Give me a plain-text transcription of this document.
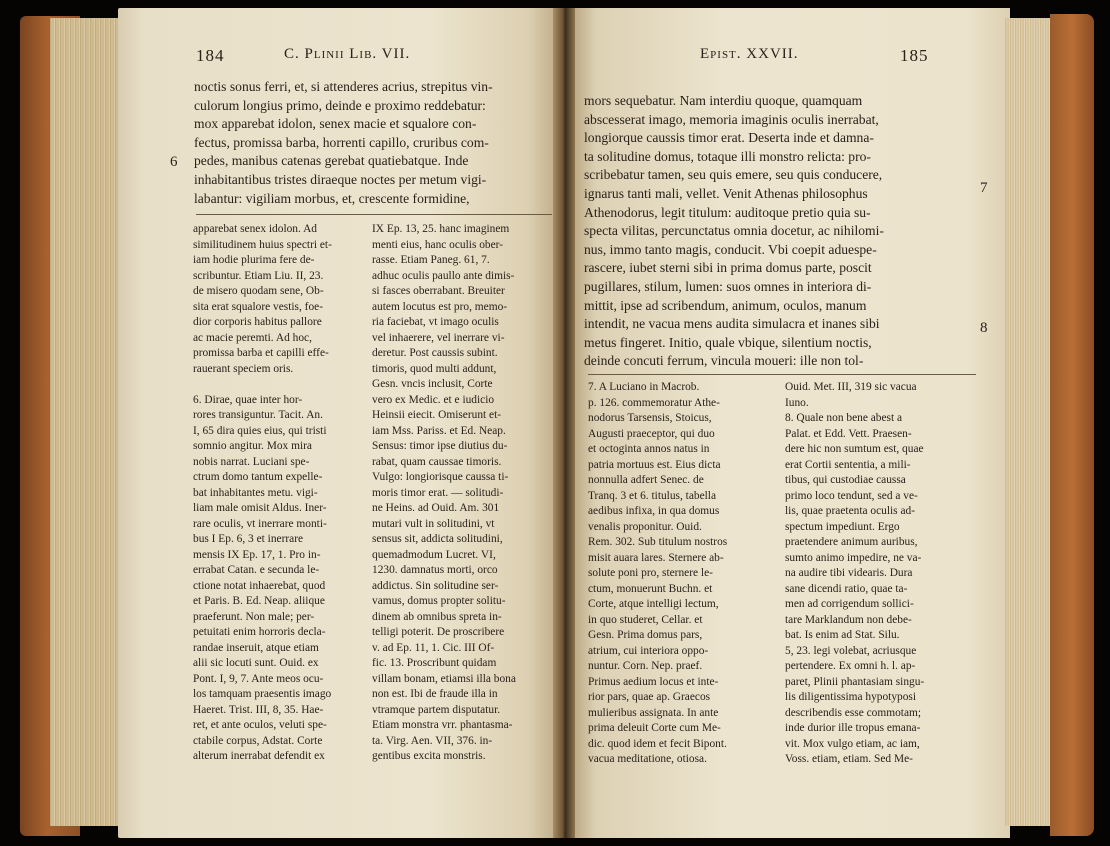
184	C. Plinii Lib. VII.
noctis sonus ferri, et, si attenderes acrius, strepitus vin-
culorum longius primo, deinde e proximo reddebatur:
mox apparebat idolon, senex macie et squalore con-
fectus, promissa barba, horrenti capillo, cruribus com-
pedes, manibus catenas gerebat quatiebatque. Inde
inhabitantibus tristes diraeque noctes per metum vigi-
labantur: vigiliam morbus, et, crescente formidine,
6
apparebat senex idolon. Ad
similitudinem huius spectri et-
iam hodie plurima fere de-
scribuntur. Etiam Liu. II, 23.
de misero quodam sene, Ob-
sita erat squalore vestis, foe-
dior corporis habitus pallore
ac macie peremti. Ad hoc,
promissa barba et capilli effe-
rauerant speciem oris.

6. Dirae, quae inter hor-
rores transiguntur. Tacit. An.
I, 65 dira quies eius, qui tristi
somnio angitur. Mox mira
nobis narrat. Luciani spe-
ctrum domo tantum expelle-
bat inhabitantes metu. vigi-
liam male omisit Aldus. Iner-
rare oculis, vt inerrare monti-
bus I Ep. 6, 3 et inerrare
mensis IX Ep. 17, 1. Pro in-
errabat Catan. e secunda le-
ctione notat inhaerebat, quod
et Paris. B. Ed. Neap. aliique
praeferunt. Non male; per-
petuitati enim horroris decla-
randae inseruit, atque etiam
alii sic locuti sunt. Ouid. ex
Pont. I, 9, 7. Ante meos ocu-
los tamquam praesentis imago
Haeret. Trist. III, 8, 35. Hae-
ret, et ante oculos, veluti spe-
ctabile corpus, Adstat. Corte
alterum inerrabat defendit ex
IX Ep. 13, 25. hanc imaginem
menti eius, hanc oculis ober-
rasse. Etiam Paneg. 61, 7.
adhuc oculis paullo ante dimis-
si fasces oberrabant. Breuiter
autem locutus est pro, memo-
ria faciebat, vt imago oculis
vel inhaerere, vel inerrare vi-
deretur. Post caussis subint.
timoris, quod multi addunt,
Gesn. vncis inclusit, Corte
vero ex Medic. et e iudicio
Heinsii eiecit. Omiserunt et-
iam Mss. Pariss. et Ed. Neap.
Sensus: timor ipse diutius du-
rabat, quam caussae timoris.
Vulgo: longiorisque caussa ti-
moris timor erat. — solitudi-
ne Heins. ad Ouid. Am. 301
mutari vult in solitudini, vt
sensus sit, addicta solitudini,
quemadmodum Lucret. VI,
1230. damnatus morti, orco
addictus. Sin solitudine ser-
vamus, domus propter solitu-
dinem ab omnibus spreta in-
telligi poterit. De proscribere
v. ad Ep. 11, 1. Cic. III Of-
fic. 13. Proscribunt quidam
villam bonam, etiamsi illa bona
non est. Ibi de fraude illa in
vtramque partem disputatur.
Etiam monstra vrr. phantasma-
ta. Virg. Aen. VII, 376. in-
gentibus excita monstris.
Epist. XXVII.	185
mors sequebatur. Nam interdiu quoque, quamquam
abscesserat imago, memoria imaginis oculis inerrabat,
longiorque caussis timor erat. Deserta inde et damna-
ta solitudine domus, totaque illi monstro relicta: pro-
scribebatur tamen, seu quis emere, seu quis conducere,
ignarus tanti mali, vellet. Venit Athenas philosophus
Athenodorus, legit titulum: auditoque pretio quia su-
specta vilitas, percunctatus omnia docetur, ac nihilomi-
nus, immo tanto magis, conducit. Vbi coepit aduespe-
rascere, iubet sterni sibi in prima domus parte, poscit
pugillares, stilum, lumen: suos omnes in interiora di-
mittit, ipse ad scribendum, animum, oculos, manum
intendit, ne vacua mens audita simulacra et inanes sibi
metus fingeret. Initio, quale vbique, silentium noctis,
deinde concuti ferrum, vincula moueri: ille non tol-
7
8
7. A Luciano in Macrob.
p. 126. commemoratur Athe-
nodorus Tarsensis, Stoicus,
Augusti praeceptor, qui duo
et octoginta annos natus in
patria mortuus est. Eius dicta
nonnulla adfert Senec. de
Tranq. 3 et 6. titulus, tabella
aedibus infixa, in qua domus
venalis proponitur. Ouid.
Rem. 302. Sub titulum nostros
misit auara lares. Sternere ab-
solute poni pro, sternere le-
ctum, monuerunt Buchn. et
Corte, atque intelligi lectum,
in quo studeret, Cellar. et
Gesn. Prima domus pars,
atrium, cui interiora oppo-
nuntur. Corn. Nep. praef.
Primus aedium locus et inte-
rior pars, quae ap. Graecos
mulieribus assignata. In ante
prima deleuit Corte cum Me-
dic. quod idem et fecit Bipont.
vacua meditatione, otiosa.
Ouid. Met. III, 319 sic vacua
Iuno.
8. Quale non bene abest a
Palat. et Edd. Vett. Praesen-
dere hic non sumtum est, quae
erat Cortii sententia, a mili-
tibus, qui custodiae caussa
primo loco tendunt, sed a ve-
lis, quae praetenta oculis ad-
spectum impediunt. Ergo
praetendere animum auribus,
sumto animo impedire, ne va-
na audire tibi videaris. Dura
sane dicendi ratio, quae ta-
men ad corrigendum sollici-
tare Marklandum non debe-
bat. Is enim ad Stat. Silu.
5, 23. legi volebat, acriusque
pertendere. Ex omni h. l. ap-
paret, Plinii phantasiam singu-
lis diligentissima hypotyposi
describendis esse commotam;
inde durior ille tropus emana-
vit. Mox vulgo etiam, ac iam,
Voss. etiam, etiam. Sed Me-
